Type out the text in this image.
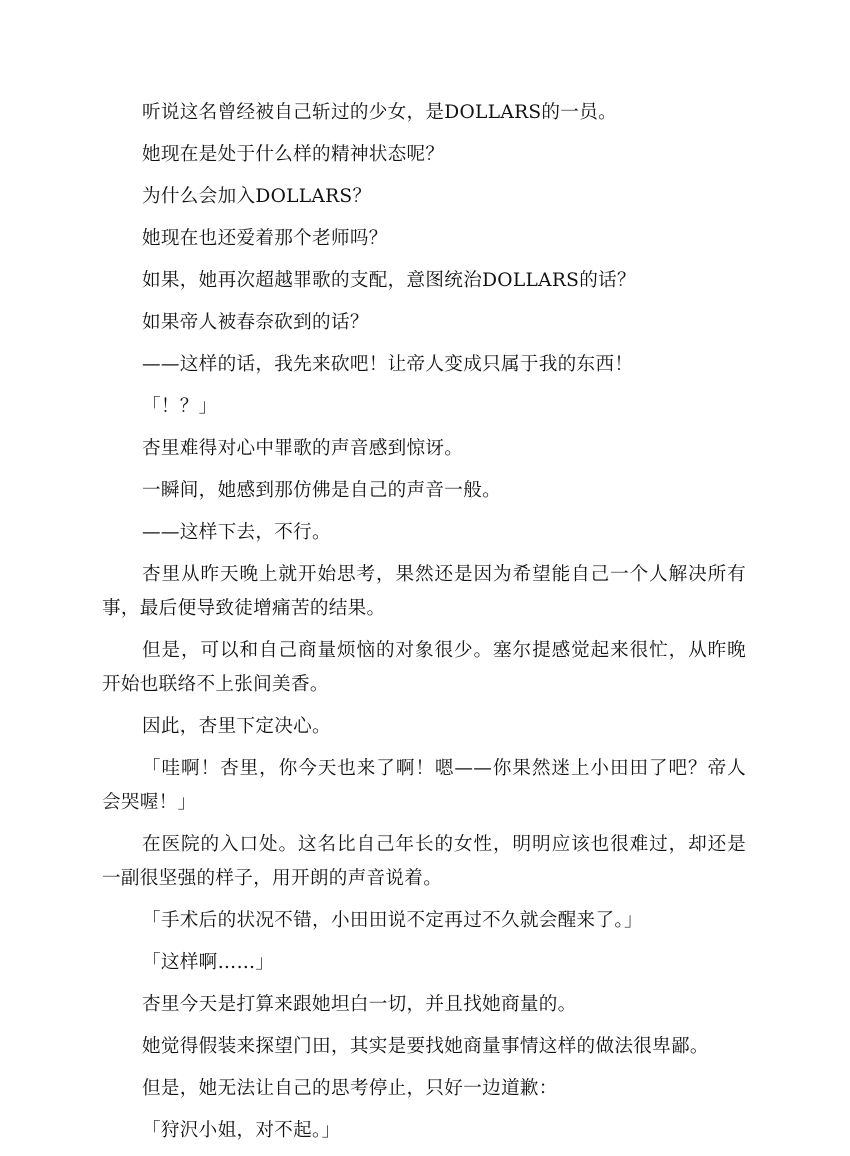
听说这名曾经被自己斩过的少女，是DOLLARS的一员。

她现在是处于什么样的精神状态呢？

为什么会加入DOLLARS？

她现在也还爱着那个老师吗？

如果，她再次超越罪歌的支配，意图统治DOLLARS的话？

如果帝人被春奈砍到的话？

——这样的话，我先来砍吧！让帝人变成只属于我的东西！

「！？」

杏里难得对心中罪歌的声音感到惊讶。

一瞬间，她感到那仿佛是自己的声音一般。

——这样下去，不行。

杏里从昨天晚上就开始思考，果然还是因为希望能自己一个人解决所有事，最后便导致徒增痛苦的结果。

但是，可以和自己商量烦恼的对象很少。塞尔提感觉起来很忙，从昨晚开始也联络不上张间美香。

因此，杏里下定决心。

「哇啊！杏里，你今天也来了啊！嗯——你果然迷上小田田了吧？帝人会哭喔！」

在医院的入口处。这名比自己年长的女性，明明应该也很难过，却还是一副很坚强的样子，用开朗的声音说着。

「手术后的状况不错，小田田说不定再过不久就会醒来了。」

「这样啊……」

杏里今天是打算来跟她坦白一切，并且找她商量的。

她觉得假装来探望门田，其实是要找她商量事情这样的做法很卑鄙。

但是，她无法让自己的思考停止，只好一边道歉：

「狩沢小姐，对不起。」
